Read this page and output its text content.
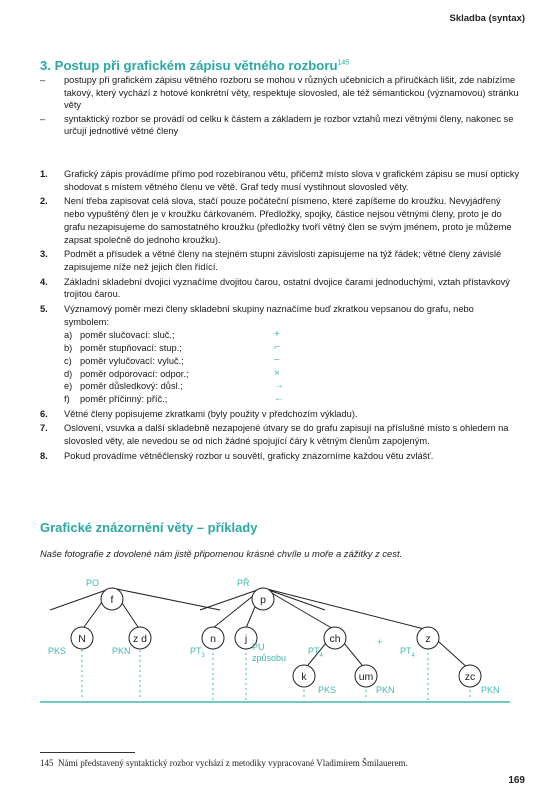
Skladba (syntax)
3. Postup při grafickém zápisu větného rozboru$^{145}$
– postupy při grafickém zápisu větného rozboru se mohou v různých učebnicích a příručkách lišit, zde nabízíme takový, který vychází z hotové konkrétní věty, respektuje slovosled, ale též sémantickou (významovou) stránku věty
– syntaktický rozbor se provádí od celku k částem a základem je rozbor vztahů mezi větnými členy, nakonec se určují jednotlivé větné členy
1. Grafický zápis provádíme přímo pod rozebíranou větu, přičemž místo slova v grafickém zápisu se musí opticky shodovat s místem větného členu ve větě. Graf tedy musí vystihnout slovosled věty.
2. Není třeba zapisovat celá slova, stačí pouze počáteční písmeno, které zapíšeme do kroužku. Nevyjádřený nebo vypuštěný člen je v kroužku čárkovaném. Předložky, spojky, částice nejsou větnými členy, proto je do grafu nezapisujeme do samostatného kroužku (předložky tvoří větný člen se svým jménem, proto je můžeme zapsat společně do jednoho kroužku).
3. Podmět a přísudek a větné členy na stejném stupni závislosti zapisujeme na týž řádek; větné členy závislé zapisujeme níže než jejich člen řídící.
4. Základní skladební dvojici vyznačíme dvojitou čarou, ostatní dvojice čarami jednoduchými, vztah přístavkový trojitou čarou.
5. Významový poměr mezi členy skladební skupiny naznačíme buď zkratkou vepsanou do grafu, nebo symbolem:
a) poměr slučovací: sluč.;	+
b) poměr stupňovací: stup.;	⌐
c) poměr vylučovací: vyluč.;	~
d) poměr odporovací: odpor.;	×
e) poměr důsledkový: důsl.;	→
f) poměr příčinný: příč.;	←
6. Větné členy popisujeme zkratkami (byly použity v předchozím výkladu).
7. Oslovení, vsuvka a další skladebně nezapojené útvary se do grafu zapisují na příslušné místo s ohledem na slovosled věty, ale nevedou se od nich žádné spojující čáry k větným členům zapojeným.
8. Pokud provádíme větněčlenský rozbor u souvětí, graficky znázorníme každou větu zvlášť.
Grafické znázornění věty – příklady
Naše fotografie z dovolené nám jistě připomenou krásné chvíle u moře a zážitky z cest.
f
N	z d
p
n	j	ch	z
k	um	zc
PO	PŘ
PKS	PKN	$PT_3$
PU
způsobu
$PT_4$
+
$PT_4$
PKS	PKN	PKN
145 Námi představený syntaktický rozbor vychází z metodiky vypracované Vladimírem Šmilauerem.
169
